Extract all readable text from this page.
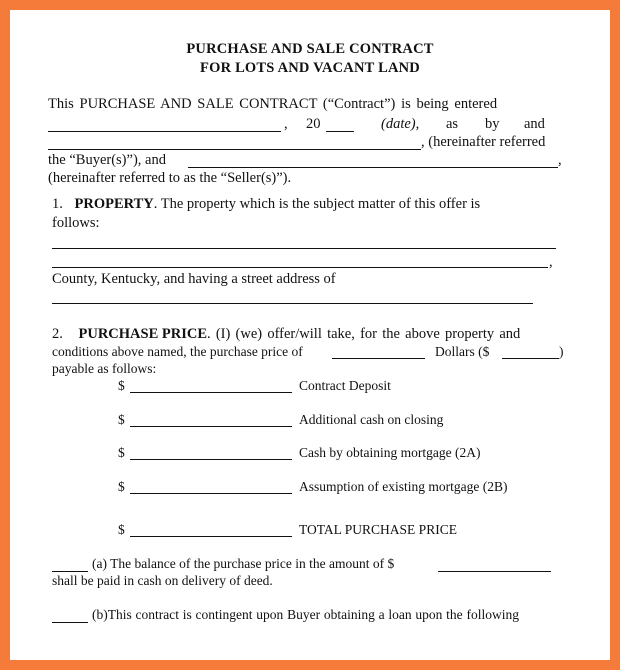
PURCHASE AND SALE CONTRACT
FOR LOTS AND VACANT LAND
This PURCHASE AND SALE CONTRACT (“Contract”) is being entered
, 20	(date), as by and
, (hereinafter referred
the “Buyer(s)”), and	,
(hereinafter referred to as the “Seller(s)”).
1. PROPERTY. The property which is the subject matter of this offer is
follows:
,
County, Kentucky, and having a street address of
2. PURCHASE PRICE. (I) (we) offer/will take, for the above property and
conditions above named, the purchase price of	Dollars ($	)
payable as follows:
$	Contract Deposit
$	Additional cash on closing
$	Cash by obtaining mortgage (2A)
$	Assumption of existing mortgage (2B)
$	TOTAL PURCHASE PRICE
(a) The balance of the purchase price in the amount of $
shall be paid in cash on delivery of deed.
(b)This contract is contingent upon Buyer obtaining a loan upon the following
